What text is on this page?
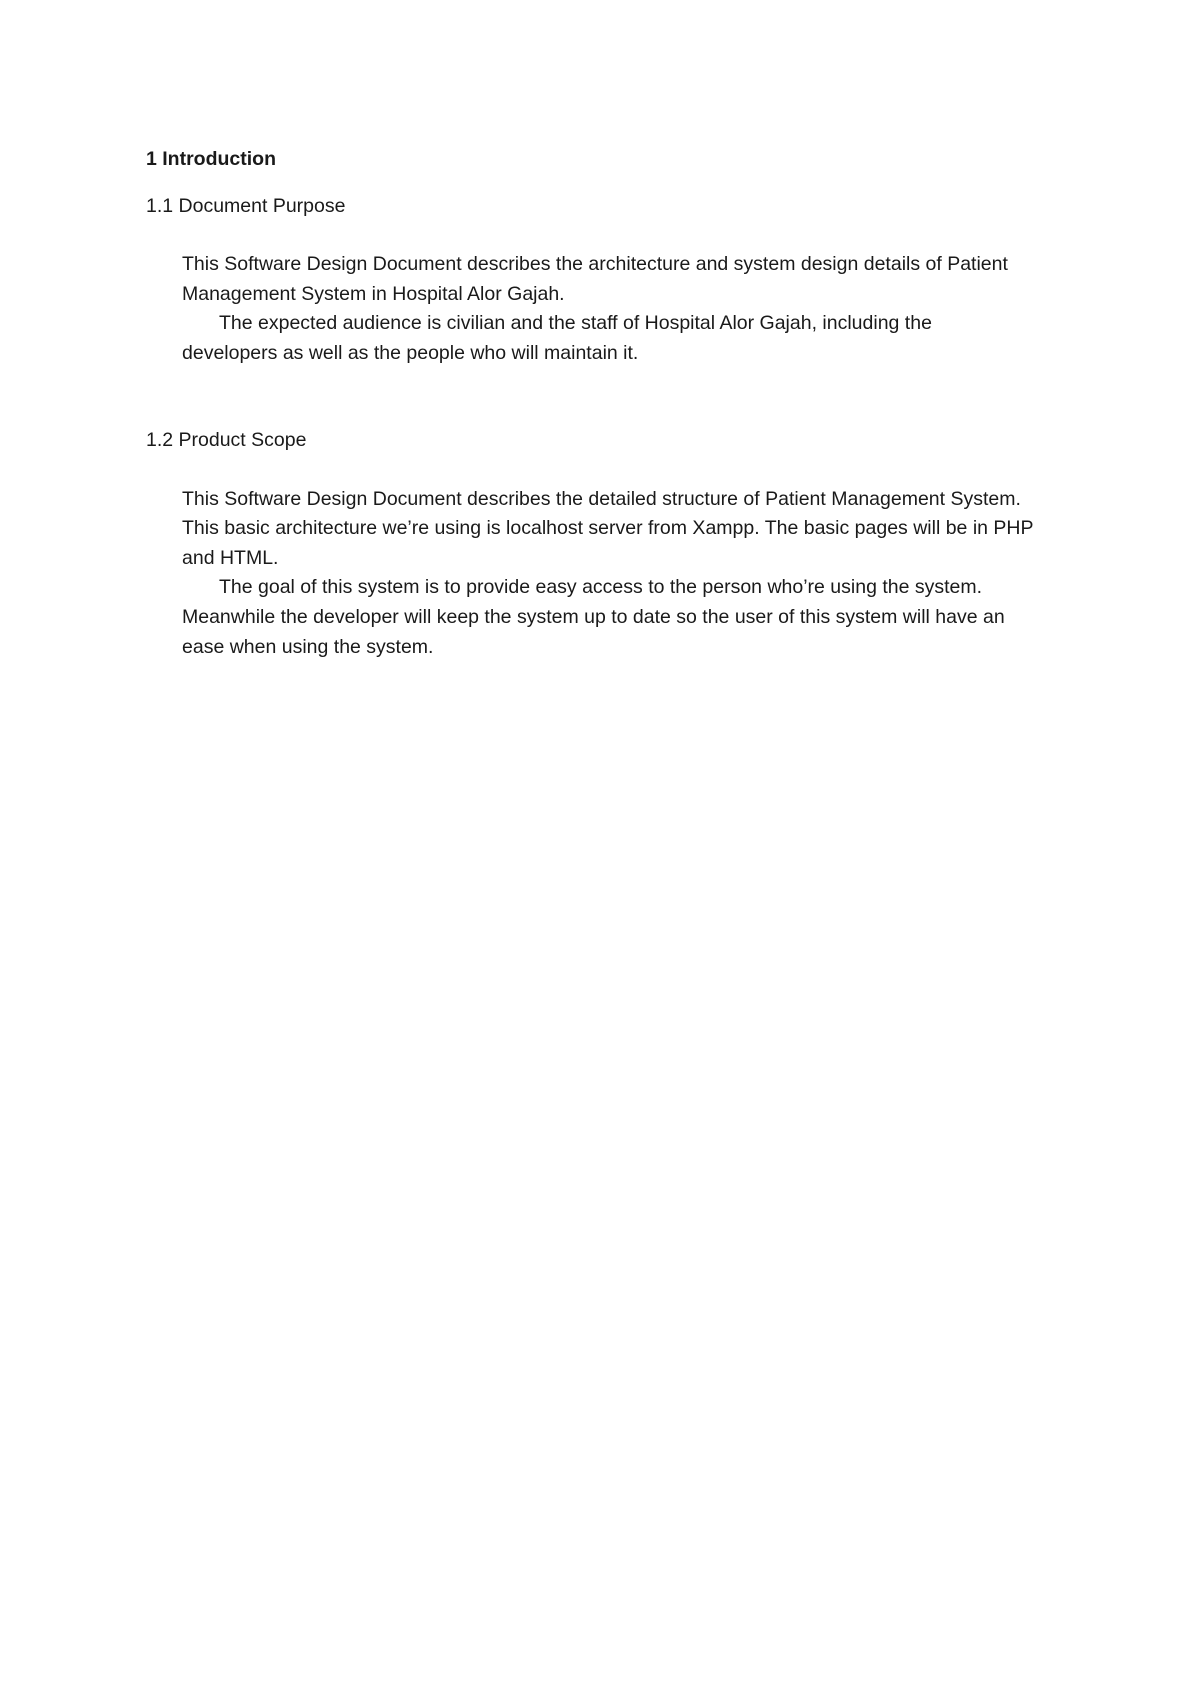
1 Introduction
1.1 Document Purpose
This Software Design Document describes the architecture and system design details of Patient
Management System in Hospital Alor Gajah.
The expected audience is civilian and the staff of Hospital Alor Gajah, including the
developers as well as the people who will maintain it.
1.2 Product Scope
This Software Design Document describes the detailed structure of Patient Management System.
This basic architecture we’re using is localhost server from Xampp. The basic pages will be in PHP
and HTML.
The goal of this system is to provide easy access to the person who’re using the system.
Meanwhile the developer will keep the system up to date so the user of this system will have an
ease when using the system.
